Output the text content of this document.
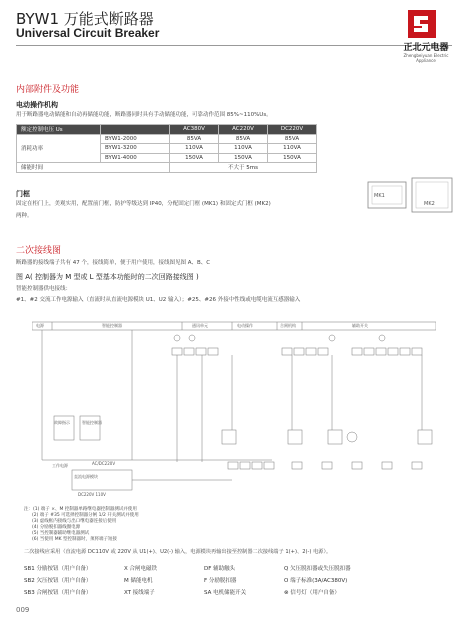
BYW1 万能式断路器
Universal Circuit Breaker
正北元电器
Zhengbeiyuan Electric Appliance
内部附件及功能
电动操作机构
用于断路器电动储能和自动再储能功能，断路器同时具有手动储能功能，可靠动作范围 85%~110%Us。
额定控制电压 Us		AC380V	AC220V	DC220V
消耗功率	BYW1-2000	85VA	85VA	85VA
	BYW1-3200	110VA	110VA	110VA
	BYW1-4000	150VA	150VA	150VA
储能时间		不大于 5ms		
门框
固定在柜门上，美观实用，配置前门框，防护等级达到 IP40，分配固定门框 (MK1) 和固定式门框 (MK2)
两种。
MK1
MK2
二次接线图
断路器的接线端子共有 47 个，接线简单，便于用户使用，接线图见图 A、B、C
图 A( 控制器为 M 型或 L 型基本功能时的二次回路接线图 )
智能控制器供电接线：
#1、#2 交流工作电源输入（直流时从直流电源模块 U1、U2 输入）；#25、#26 外接中性线或电缆电流互感器输入
电源	智能控制器	通讯单元	电动操作	合闸机构	辅助开关
直流电源模块
AC/DC220V
DC220V 110V
工作电源
智能控制器
故障指示
注：(1) 端子 ×、M 控制器单路继电器控制器测试并使用
(2) 端子 #35 可选择控制器分闸 1/2 开关测试并使用
(3) 虚线框内接线与出口继电器连接后使用
(4) 分励脱扣器线圈电源
(5) 当控制器辅助继电器测试
(6) 当使用 MK 型控制器时，须将端子短接
二次接线应采用（直流电源 DC110V 或 220V 从 U1(+)、U2(-) 输入，电源模块再输出接至控制器二次接线端子 1(+)、2(-) 电源）。
SB1 分励按钮（用户自备）	X 合闸电磁铁	DF 辅助触头	Q 欠压脱扣器或失压脱扣器
SB2 欠压按钮（用户自备）	M 储能电机	F 分励脱扣器	O 端子标准(3A/AC380V)
SB3 合闸按钮（用户自备）	XT 接线端子	SA 电机储能开关	⊗ 信号灯（用户自备）
009
